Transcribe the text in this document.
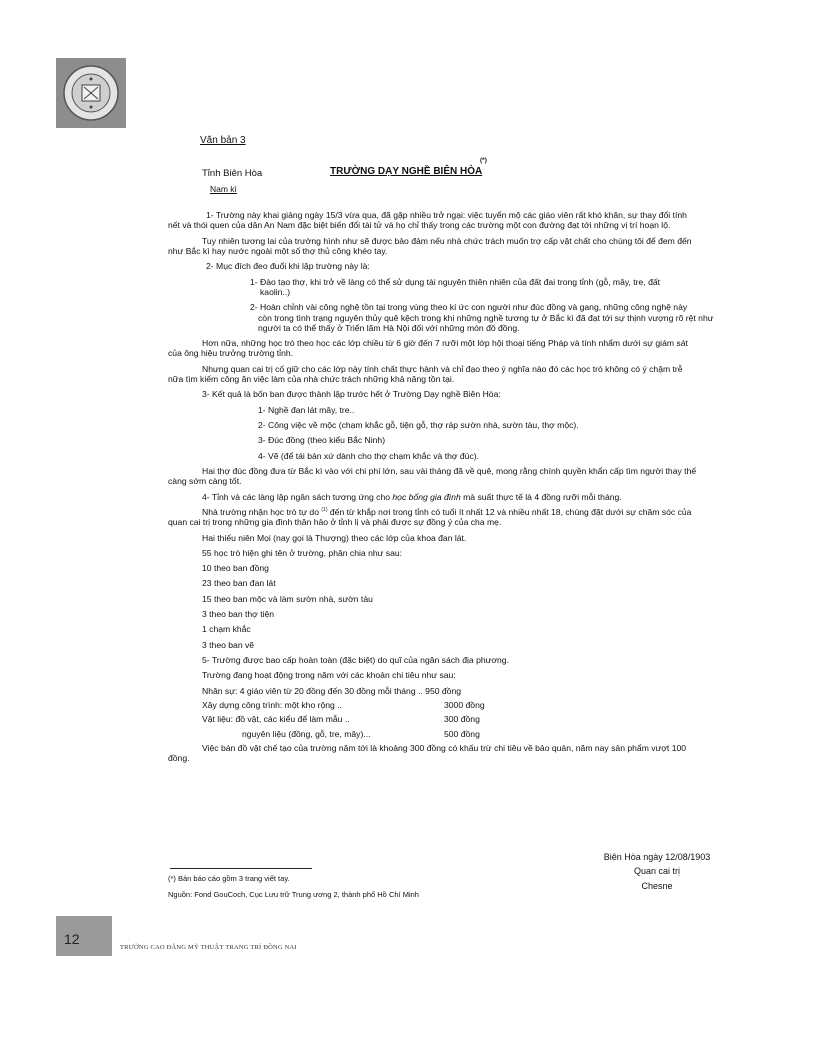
Văn bản 3
Tỉnh Biên Hòa
Nam kì
TRƯỜNG DẠY NGHỀ BIÊN HÒA
(*)

1- Trường này khai giảng ngày 15/3 vừa qua, đã gặp nhiều trở ngại: việc tuyển mộ các giáo viên rất khó khăn, sự thay đổi tính

nết và thói quen của dân An Nam đặc biệt biến đổi tài tử và họ chỉ thấy trong các trường một con đường đạt tới những vị trí hoạn lộ.

Tuy nhiên tương lai của trường hình như sẽ được bảo đảm nếu nhà chức trách muốn trợ cấp vật chất cho chúng tôi để đem đến

như Bắc kì hay nước ngoài một số thợ thủ công khéo tay.

2- Mục đích đeo đuổi khi lập trường này là:

1- Đào tạo thợ, khi trở về làng có thể sử dụng tài nguyên thiên nhiên của đất đai trong tỉnh (gỗ, mây, tre, đất

kaolin..)

2- Hoàn chỉnh vài công nghệ tồn tại trong vùng theo kí ức con người như đúc đồng và gang, những công nghệ này

còn trong tình trạng nguyên thủy quê kệch trong khi những nghề tương tự ở Bắc kì đã đạt tới sự thịnh vượng rõ rệt như

người ta có thể thấy ở Triển lãm Hà Nội đối với những món đồ đồng.

Hơn nữa, những học trò theo học các lớp chiều từ 6 giờ đến 7 rưỡi một lớp hội thoại tiếng Pháp và tính nhẩm dưới sự giám sát

của ông hiệu trưởng trường tỉnh.

Nhưng quan cai trị cố giữ cho các lớp này tính chất thực hành và chỉ đạo theo ý nghĩa nào đó các học trò không có ý chậm trễ

nữa tìm kiếm công ăn việc làm của nhà chức trách những khả năng tồn tại.

3- Kết quả là bốn ban được thành lập trước hết ở Trường Dạy nghề Biên Hòa:

1- Nghề đan lát mây, tre..

2- Công việc về mộc (chạm khắc gỗ, tiện gỗ, thợ ráp sườn nhà, sườn tàu, thợ mộc).

3- Đúc đồng (theo kiểu Bắc Ninh)

4- Vẽ (để tái bản xứ dành cho thợ chạm khắc và thợ đúc).

Hai thợ đúc đồng đưa từ Bắc kì vào với chi phí lớn, sau vài tháng đã về quê, mong rằng chính quyền khẩn cấp tìm người thay thế

càng sớm càng tốt.

4- Tỉnh và các làng lập ngân sách tương ứng cho học bổng gia đình mà suất thực tế là 4 đồng rưỡi mỗi tháng.

Nhà trường nhận học trò tự do $^{(1)}$ đến từ khắp nơi trong tỉnh có tuổi ít nhất 12 và nhiều nhất 18, chúng đặt dưới sự chăm sóc của

quan cai trị trong những gia đình thân hảo ở tỉnh lị và phải được sự đồng ý của cha mẹ.

Hai thiếu niên Mọi (nay gọi là Thượng) theo các lớp của khoa đan lát.

55 học trò hiện ghi tên ở trường, phân chia như sau:

10 theo ban đồng

23 theo ban đan lát

15 theo ban mộc và làm sườn nhà, sườn tàu

3 theo ban thợ tiện

1 chạm khắc

3 theo ban vẽ

5- Trường được bao cấp hoàn toàn (đặc biệt) do quĩ của ngân sách địa phương.

Trường đang hoạt động trong năm với các khoản chi tiêu như sau:

Nhân sự: 4 giáo viên từ 20 đồng đến 30 đồng mỗi tháng .. 950 đồng
Xây dựng công trình: một kho rộng ..	3000 đồng
Vật liệu: đồ vật, các kiểu để làm mẫu ..	300 đồng
nguyên liệu (đồng, gỗ, tre, mây)...	500 đồng

Việc bán đồ vật chế tạo của trường năm tới là khoảng 300 đồng có khấu trừ chi tiêu về bảo quản, năm nay sản phẩm vượt 100

đồng.

Biên Hòa ngày 12/08/1903
Quan cai trị
Chesne
(*) Bản báo cáo gồm 3 trang viết tay.
Nguồn: Fond GouCoch, Cục Lưu trữ Trung ương 2, thành phố Hồ Chí Minh
12
TRƯỜNG CAO ĐẲNG MỸ THUẬT TRANG TRÍ ĐỒNG NAI
